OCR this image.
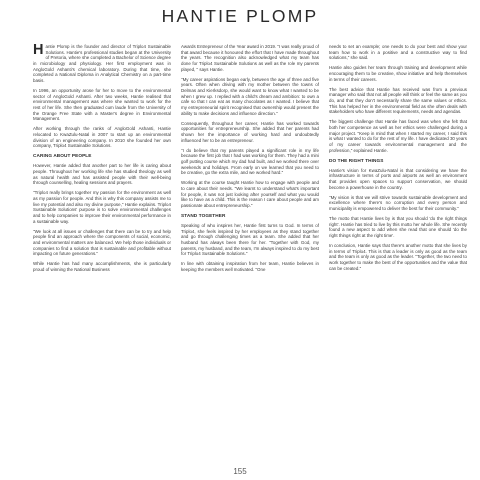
HANTIE PLOMP

Hantie Plomp is the founder and director of Triplo4 Sustainable Solutions. Hantie's professional studies began at the University of Pretoria, where she completed a Bachelor of Science degree in microbiology and physiology. Her first employment was in AngloGold Ashanti's chemical laboratory. During that time, she completed a National Diploma in Analytical Chemistry on a part-time basis.

In 1996, an opportunity arose for her to move to the environmental sector of AngloGold Ashanti. After two weeks, Hantie realised that environmental management was where she wanted to work for the rest of her life. She then graduated cum laude from the University of the Orange Free State with a Master's degree in Environmental Management.

After working through the ranks of AngloGold Ashanti, Hantie relocated to KwaZulu-Natal in 2007 to start up an environmental division of an engineering company. In 2010 she founded her own company, Triplo4 Sustainable Solutions.

CARING ABOUT PEOPLE

However, Hantie added that another part to her life is caring about people. Throughout her working life she has studied theology as well as natural health and has assisted people with their well-being through counselling, healing sessions and prayers.

"Triplo4 really brings together my passion for the environment as well as my passion for people. And this is why this company assists me to live my potential and also my divine purpose," Hantie explains. Triplo4 Sustainable Solutions' purpose is to solve environmental challenges and to help companies to improve their environmental performance in a sustainable way.

"We look at all issues or challenges that there can be to try and help people find an approach where the components of social, economic, and environmental matters are balanced. We help those individuals or companies to find a solution that is sustainable and profitable without impacting on future generations."

While Hantie has had many accomplishments, she is particularly proud of winning the National Business

Awards Entrepreneur of the Year award in 2019. "I was really proud of that award because it honoured the effort that I have made throughout the years. The recognition also acknowledged what my team has done for Triplo4 Sustainable Solutions as well as the role my parents played, " says Hantie.

"My career aspirations began early, between the age of three and five years. Often when driving with my mother between the towns of Delmas and Kierksdorp, she would want to know what I wanted to be when I grew up. I replied with a child's dream and ambition: to own a cafe so that I can eat as many chocolates as I wanted. I believe that my entrepreneurial spirit recognised that ownership would present the ability to make decisions and influence direction."

Consequently, throughout her career, Hantie has worked towards opportunities for entrepreneurship. She added that her parents had shown her the importance of working hard and undoubtedly influenced her to be an entrepreneur.

"I do believe that my parents played a significant role in my life because the first job that I had was working for them. They had a mini golf putting course which my dad had built, and we worked there over weekends and holidays. From early on we learned that you need to be creative, go the extra mile, and we worked hard."

Working at the course taught Hantie how to engage with people and to care about their needs. "We learnt to understand what's important for people, it was not just looking after yourself and what you would like to have as a child. This is the reason I care about people and am passionate about entrepreneurship."

STAND TOGETHER

Speaking of who inspires her, Hantie first turns to God. In terms of Triplo4, she feels inspired by her employees as they stand together and go through challenging times as a team. She added that her husband has always been there for her. "Together with God, my parents, my husband, and the team, I'm always inspired to do my best for Triplo4 Sustainable Solutions."

In line with obtaining inspiration from her team, Hantie believes in keeping the members well motivated. "One

needs to set an example; one needs to do your best and show your team how to work in a positive and a constructive way to find solutions," she said.

Hantie also guides her team through training and development while encouraging them to be creative, show initiative and help themselves in terms of their careers.

The best advice that Hantie has received was from a previous manager who said that not all people will think or feel the same as you do, and that they don't necessarily share the same values or ethics. This has helped her in the environmental field as she often deals with stakeholders who have different requirements, needs and agendas.

The biggest challenge that Hantie has faced was when she felt that both her competence as well as her ethics were challenged during a major project. "Keep in mind that when I started my career, I said this is what I wanted to do for the rest of my life. I have dedicated 30 years of my career towards environmental management and the profession," explained Hantie.

DO THE RIGHT THINGS

Hantie's vision for KwaZulu-Natal is that considering we have the infrastructure in terms of ports and airports as well an environment that provides open spaces to support conservation, we should become a powerhouse in the country.

"My vision is that we will strive towards sustainable development and excellence where there's no corruption and every person and municipality is empowered to deliver the best for their community."

The motto that Hantie lives by is that you should 'do the right things right'. Hantie has tried to live by this motto her whole life. She recently found a new aspect to add when she read that one should 'do the right things right at the right time'.

In conclusion, Hantie says that there's another motto that she lives by in terms of Triplo4. This is that a leader is only as good as the team and the team is only as good as the leader. "Together, the two need to work together to make the best of the opportunities and the value that can be created."

155
